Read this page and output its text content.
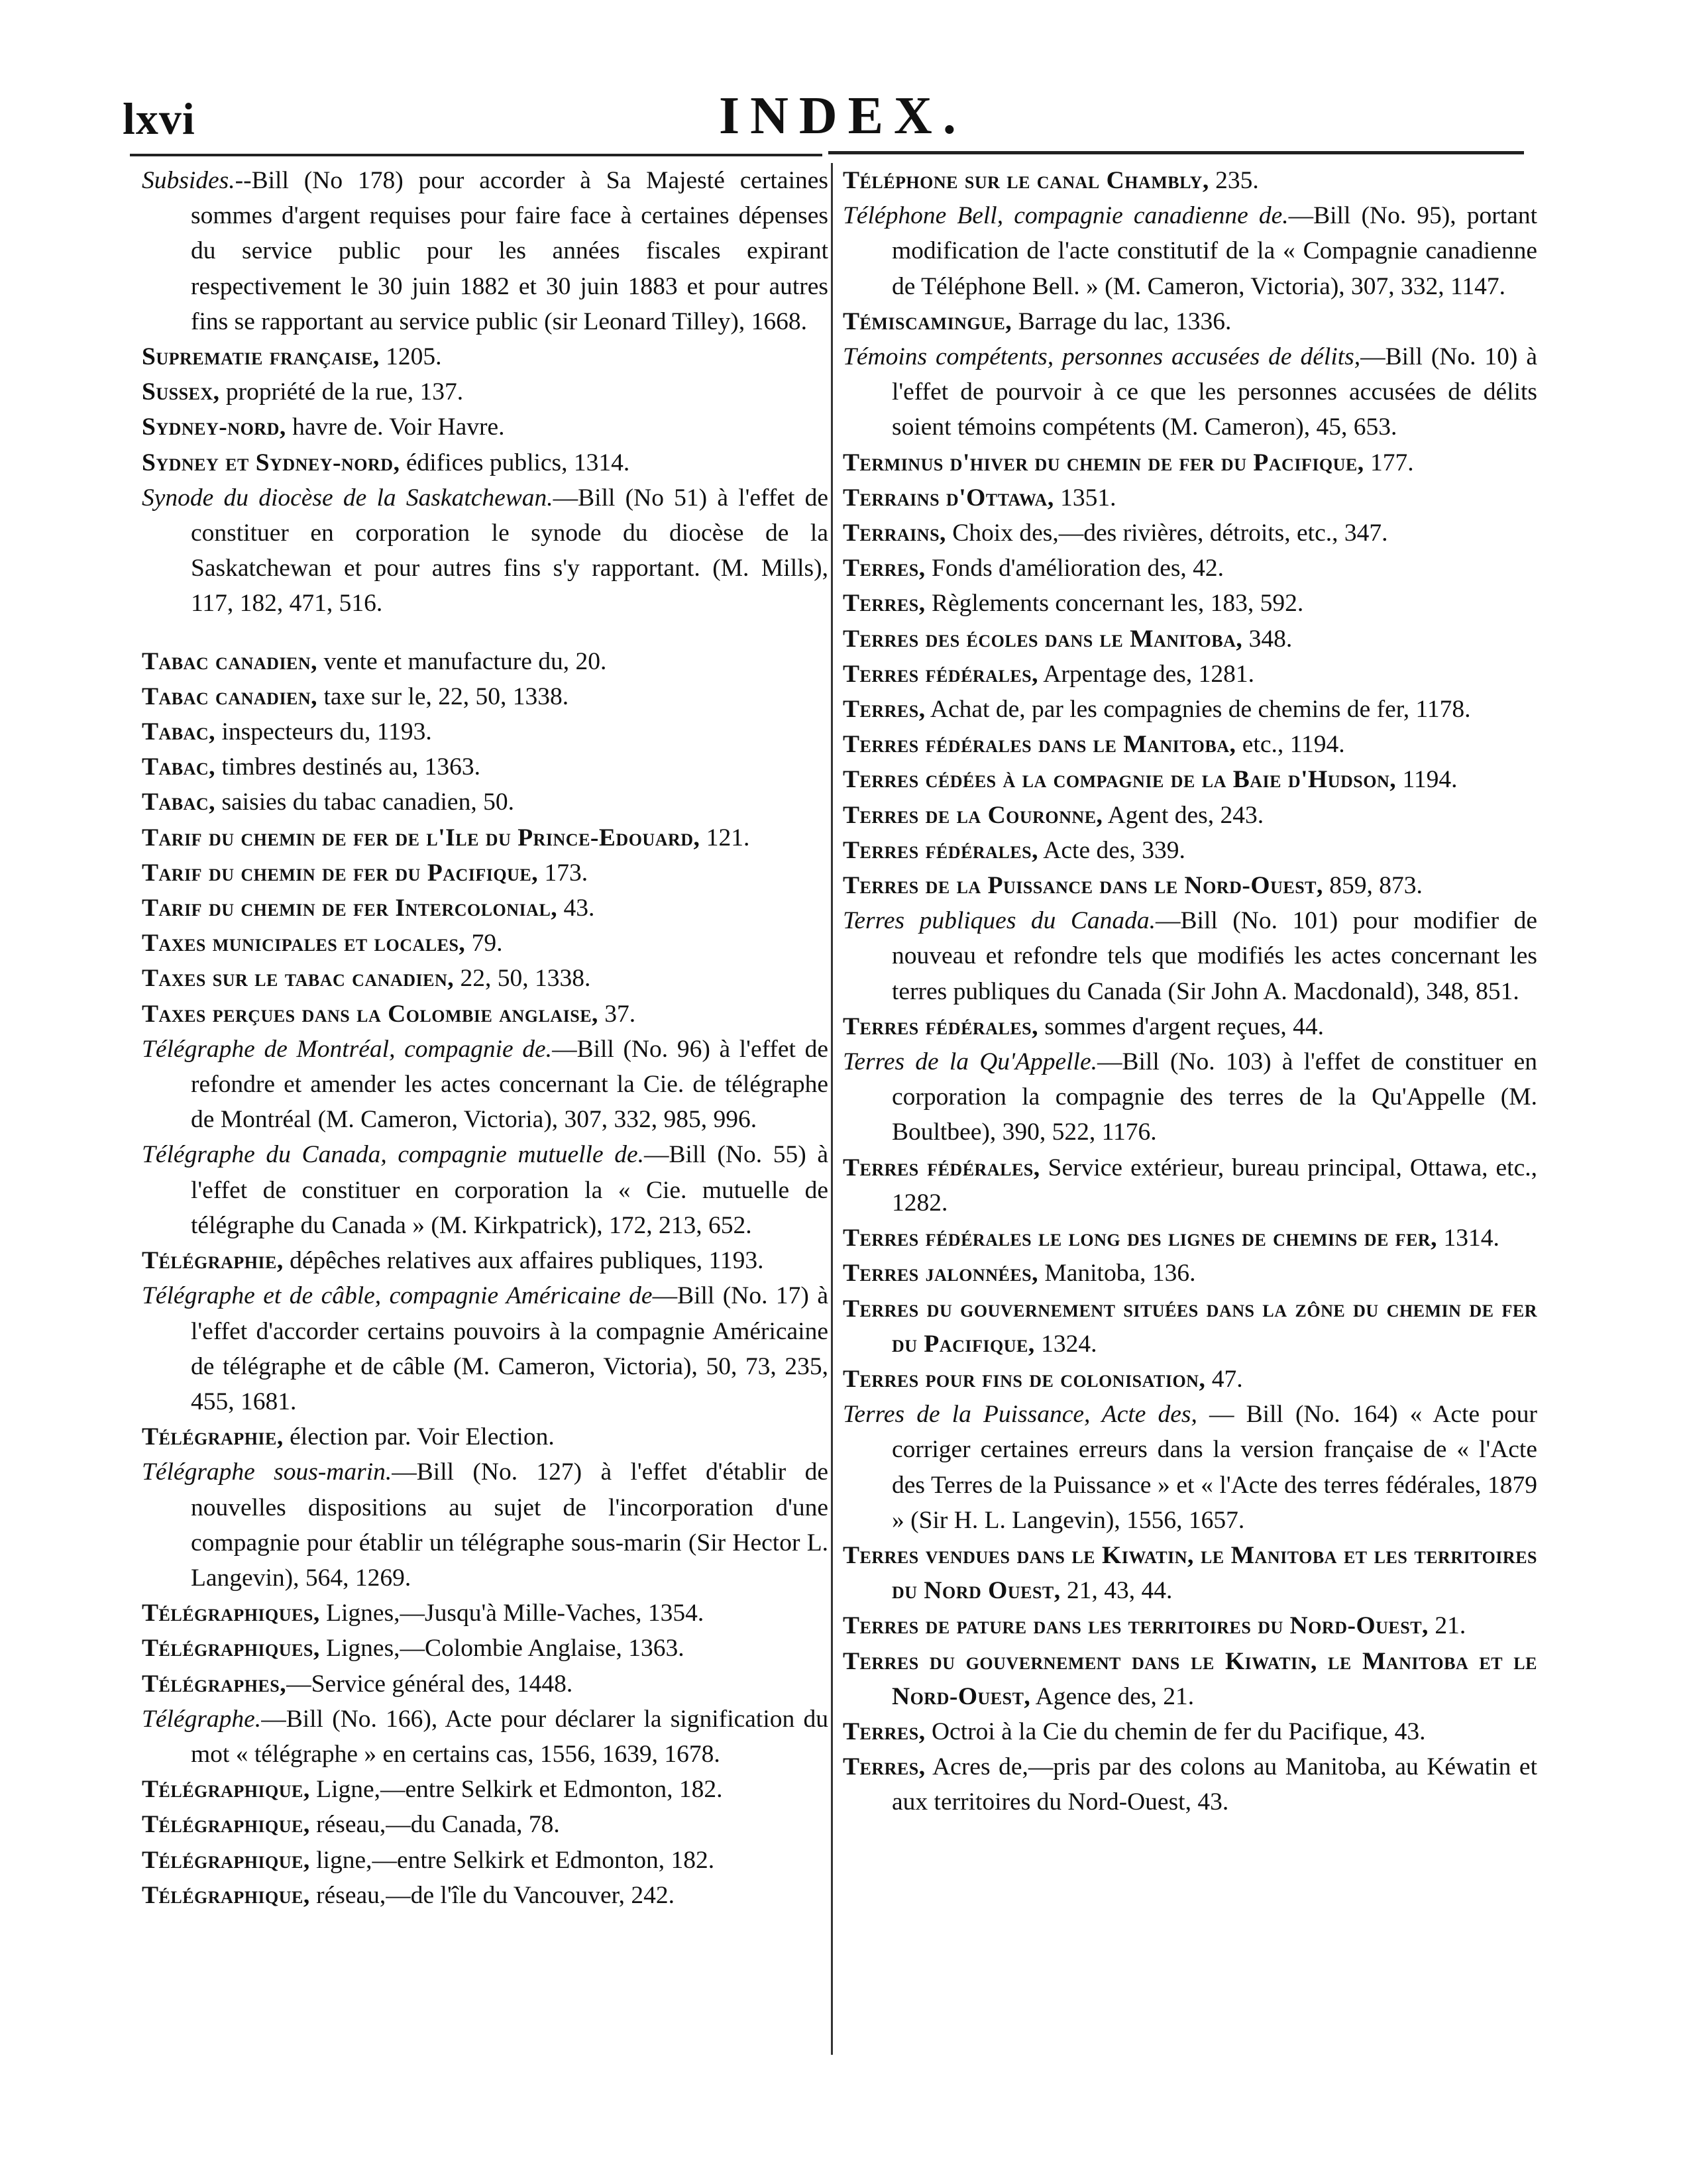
lxvi	INDEX.
Subsides.--Bill (No 178) pour accorder à Sa Majesté certaines sommes d'argent requises pour faire face à certaines dépenses du service public pour les années fiscales expirant respectivement le 30 juin 1882 et 30 juin 1883 et pour autres fins se rapportant au service public (sir Leonard Tilley), 1668.
Suprematie française, 1205.
Sussex, propriété de la rue, 137.
Sydney-nord, havre de. Voir Havre.
Sydney et Sydney-nord, édifices publics, 1314.
Synode du diocèse de la Saskatchewan.—Bill (No 51) à l'effet de constituer en corporation le synode du diocèse de la Saskatchewan et pour autres fins s'y rapportant. (M. Mills), 117, 182, 471, 516.
Tabac canadien, vente et manufacture du, 20.
Tabac canadien, taxe sur le, 22, 50, 1338.
Tabac, inspecteurs du, 1193.
Tabac, timbres destinés au, 1363.
Tabac, saisies du tabac canadien, 50.
Tarif du chemin de fer de l'Ile du Prince-Edouard, 121.
Tarif du chemin de fer du Pacifique, 173.
Tarif du chemin de fer Intercolonial, 43.
Taxes municipales et locales, 79.
Taxes sur le tabac canadien, 22, 50, 1338.
Taxes perçues dans la Colombie anglaise, 37.
Télégraphe de Montréal, compagnie de.—Bill (No. 96) à l'effet de refondre et amender les actes concernant la Cie. de télégraphe de Montréal (M. Cameron, Victoria), 307, 332, 985, 996.
Télégraphe du Canada, compagnie mutuelle de.—Bill (No. 55) à l'effet de constituer en corporation la « Cie. mutuelle de télégraphe du Canada » (M. Kirkpatrick), 172, 213, 652.
Télégraphie, dépêches relatives aux affaires publiques, 1193.
Télégraphe et de câble, compagnie Américaine de—Bill (No. 17) à l'effet d'accorder certains pouvoirs à la compagnie Américaine de télégraphe et de câble (M. Cameron, Victoria), 50, 73, 235, 455, 1681.
Télégraphie, élection par. Voir Election.
Télégraphe sous-marin.—Bill (No. 127) à l'effet d'établir de nouvelles dispositions au sujet de l'incorporation d'une compagnie pour établir un télégraphe sous-marin (Sir Hector L. Langevin), 564, 1269.
Télégraphiques, Lignes,—Jusqu'à Mille-Vaches, 1354.
Télégraphiques, Lignes,—Colombie Anglaise, 1363.
Télégraphes,—Service général des, 1448.
Télégraphe.—Bill (No. 166), Acte pour déclarer la signification du mot « télégraphe » en certains cas, 1556, 1639, 1678.
Télégraphique, Ligne,—entre Selkirk et Edmonton, 182.
Télégraphique, réseau,—du Canada, 78.
Télégraphique, ligne,—entre Selkirk et Edmonton, 182.
Télégraphique, réseau,—de l'île du Vancouver, 242.
Téléphone sur le canal Chambly, 235.
Téléphone Bell, compagnie canadienne de.—Bill (No. 95), portant modification de l'acte constitutif de la « Compagnie canadienne de Téléphone Bell. » (M. Cameron, Victoria), 307, 332, 1147.
Témiscamingue, Barrage du lac, 1336.
Témoins compétents, personnes accusées de délits,—Bill (No. 10) à l'effet de pourvoir à ce que les personnes accusées de délits soient témoins compétents (M. Cameron), 45, 653.
Terminus d'hiver du chemin de fer du Pacifique, 177.
Terrains d'Ottawa, 1351.
Terrains, Choix des,—des rivières, détroits, etc., 347.
Terres, Fonds d'amélioration des, 42.
Terres, Règlements concernant les, 183, 592.
Terres des écoles dans le Manitoba, 348.
Terres fédérales, Arpentage des, 1281.
Terres, Achat de, par les compagnies de chemins de fer, 1178.
Terres fédérales dans le Manitoba, etc., 1194.
Terres cédées à la compagnie de la Baie d'Hudson, 1194.
Terres de la Couronne, Agent des, 243.
Terres fédérales, Acte des, 339.
Terres de la Puissance dans le Nord-Ouest, 859, 873.
Terres publiques du Canada.—Bill (No. 101) pour modifier de nouveau et refondre tels que modifiés les actes concernant les terres publiques du Canada (Sir John A. Macdonald), 348, 851.
Terres fédérales, sommes d'argent reçues, 44.
Terres de la Qu'Appelle.—Bill (No. 103) à l'effet de constituer en corporation la compagnie des terres de la Qu'Appelle (M. Boultbee), 390, 522, 1176.
Terres fédérales, Service extérieur, bureau principal, Ottawa, etc., 1282.
Terres fédérales le long des lignes de chemins de fer, 1314.
Terres jalonnées, Manitoba, 136.
Terres du gouvernement situées dans la zône du chemin de fer du Pacifique, 1324.
Terres pour fins de colonisation, 47.
Terres de la Puissance, Acte des, — Bill (No. 164) « Acte pour corriger certaines erreurs dans la version française de « l'Acte des Terres de la Puissance » et « l'Acte des terres fédérales, 1879 » (Sir H. L. Langevin), 1556, 1657.
Terres vendues dans le Kiwatin, le Manitoba et les territoires du Nord Ouest, 21, 43, 44.
Terres de pature dans les territoires du Nord-Ouest, 21.
Terres du gouvernement dans le Kiwatin, le Manitoba et le Nord-Ouest, Agence des, 21.
Terres, Octroi à la Cie du chemin de fer du Pacifique, 43.
Terres, Acres de,—pris par des colons au Manitoba, au Kéwatin et aux territoires du Nord-Ouest, 43.
